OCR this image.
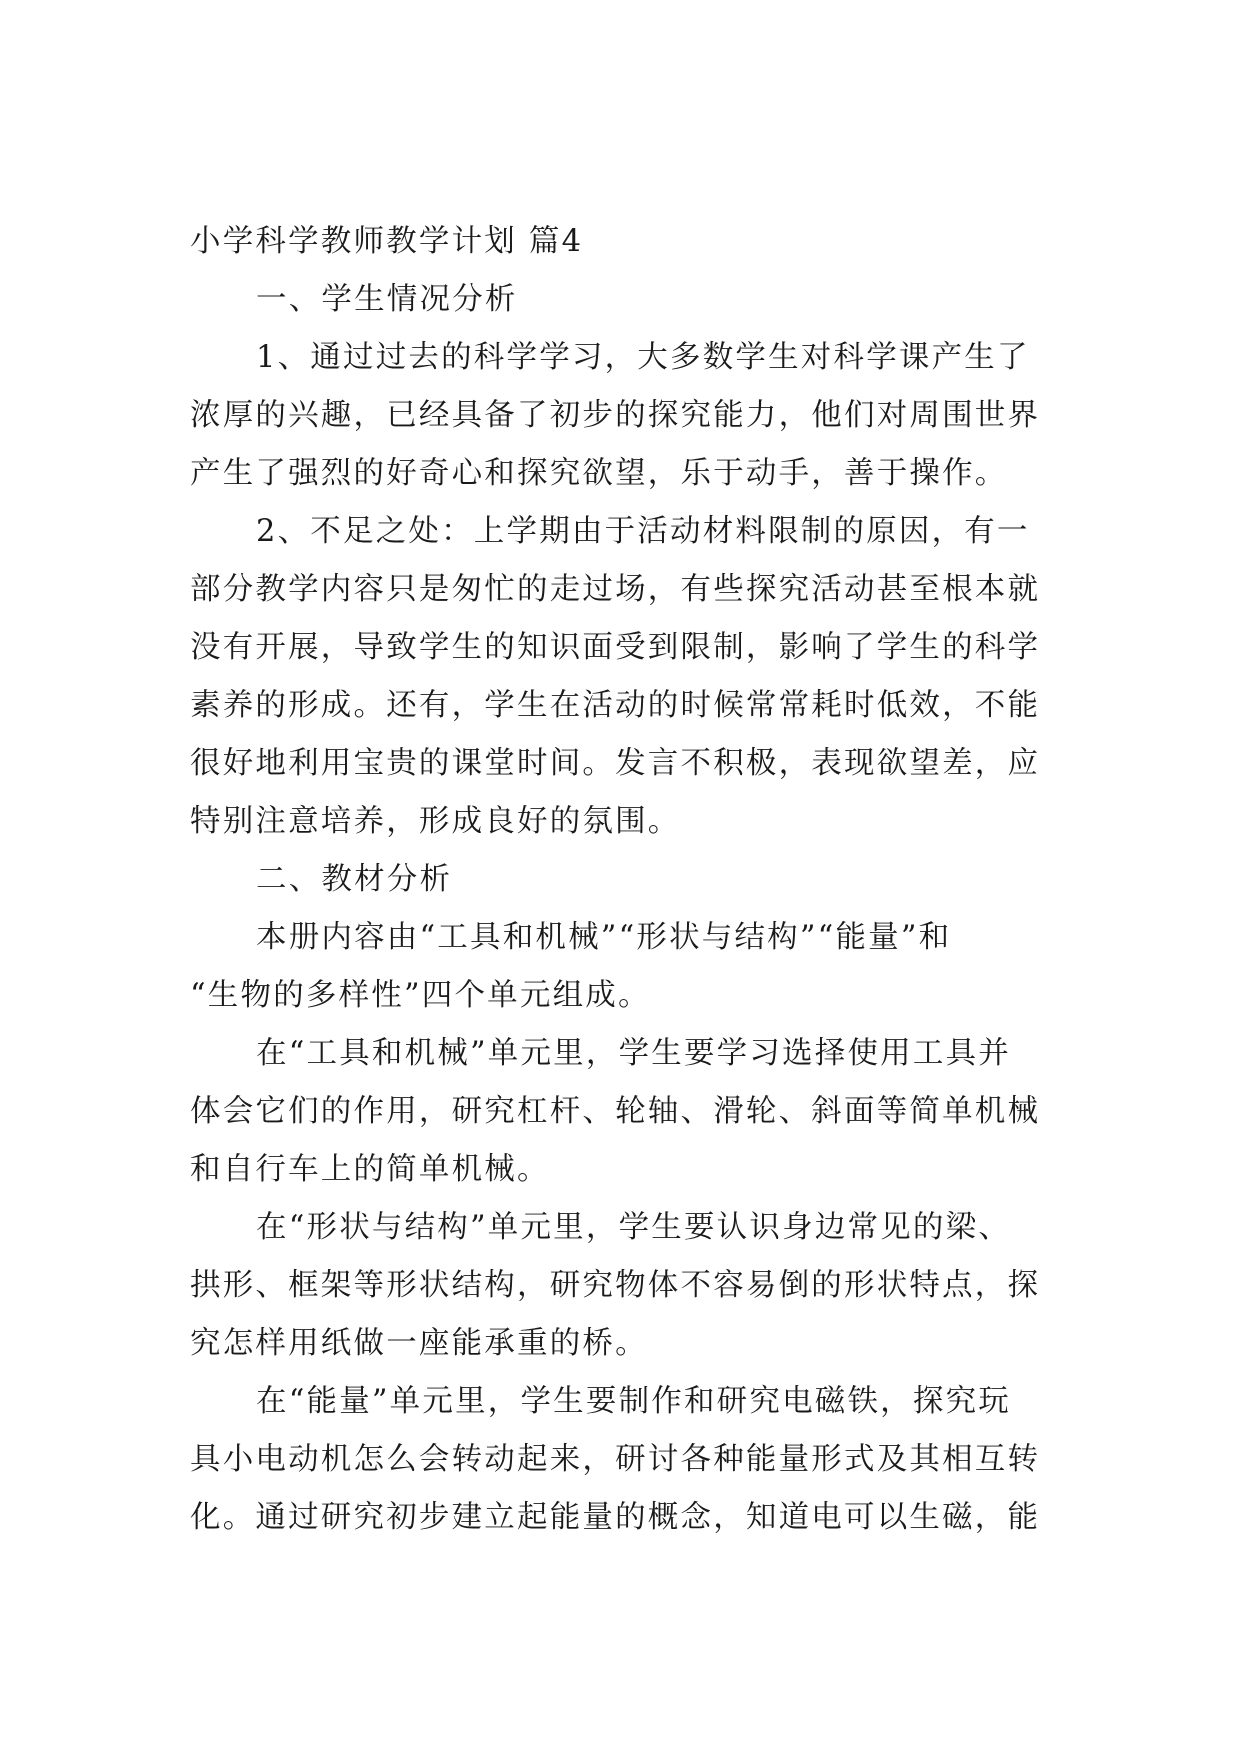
小学科学教师教学计划 篇4
一、学生情况分析
1、通过过去的科学学习，大多数学生对科学课产生了
浓厚的兴趣，已经具备了初步的探究能力，他们对周围世界
产生了强烈的好奇心和探究欲望，乐于动手，善于操作。
2、不足之处：上学期由于活动材料限制的原因，有一
部分教学内容只是匆忙的走过场，有些探究活动甚至根本就
没有开展，导致学生的知识面受到限制，影响了学生的科学
素养的形成。还有，学生在活动的时候常常耗时低效，不能
很好地利用宝贵的课堂时间。发言不积极，表现欲望差，应
特别注意培养，形成良好的氛围。
二、教材分析
本册内容由“工具和机械”“形状与结构”“能量”和
“生物的多样性”四个单元组成。
在“工具和机械”单元里，学生要学习选择使用工具并
体会它们的作用，研究杠杆、轮轴、滑轮、斜面等简单机械
和自行车上的简单机械。
在“形状与结构”单元里，学生要认识身边常见的梁、
拱形、框架等形状结构，研究物体不容易倒的形状特点，探
究怎样用纸做一座能承重的桥。
在“能量”单元里，学生要制作和研究电磁铁，探究玩
具小电动机怎么会转动起来，研讨各种能量形式及其相互转
化。通过研究初步建立起能量的概念，知道电可以生磁，能
